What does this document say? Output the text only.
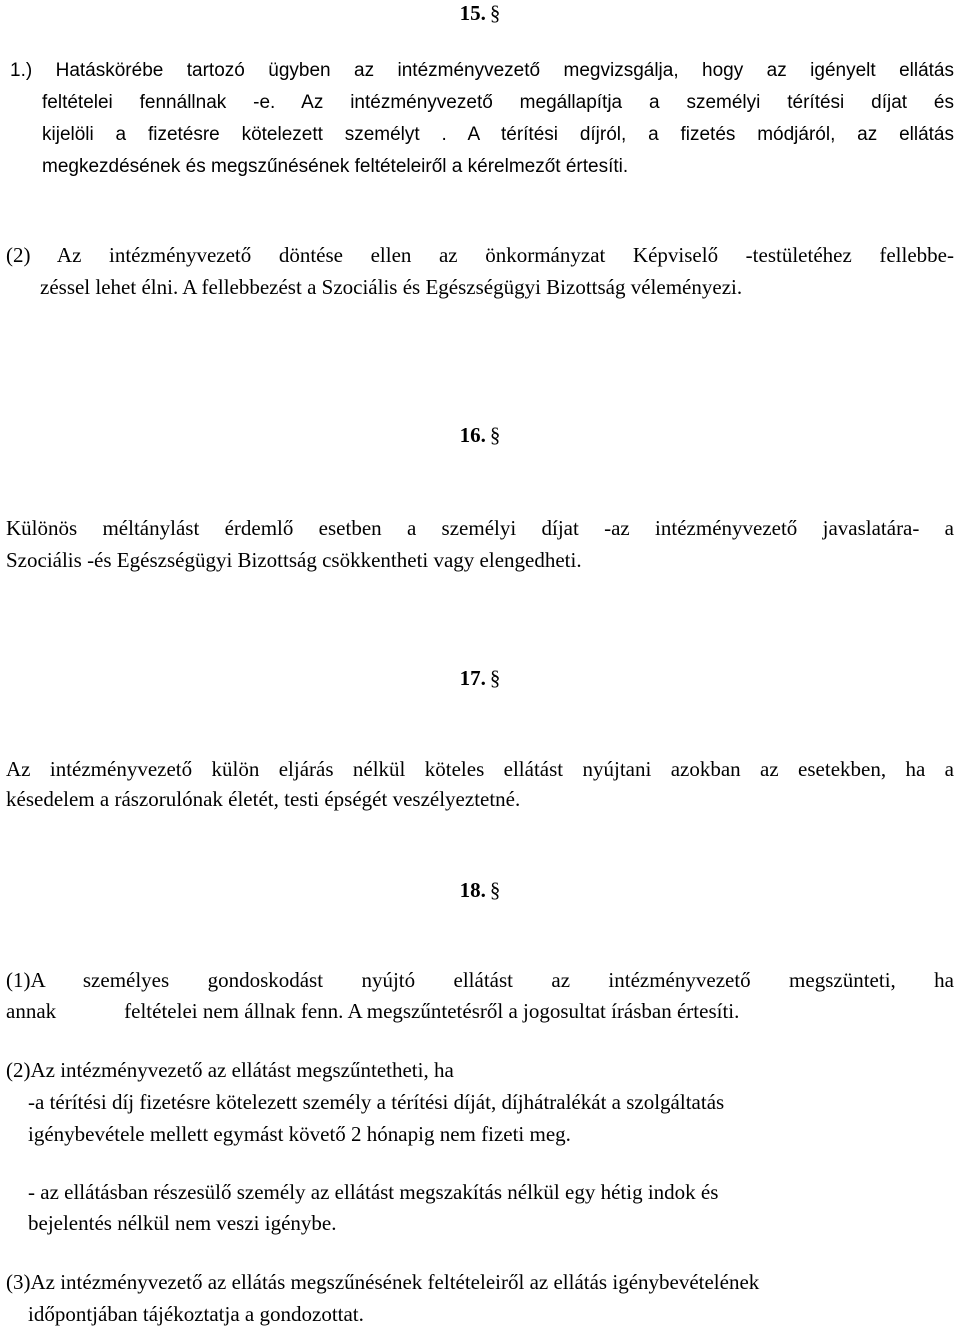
15. §
1.) Hatáskörébe tartozó ügyben az intézményvezető megvizsgálja, hogy az igényelt ellátás
feltételei fennállnak -e. Az intézményvezető megállapítja a személyi térítési díjat és
kijelöli a fizetésre kötelezett személyt . A térítési díjról, a fizetés módjáról, az ellátás
megkezdésének és megszűnésének feltételeiről a kérelmezőt értesíti.
(2) Az intézményvezető döntése ellen az önkormányzat Képviselő -testületéhez fellebbe-
zéssel lehet élni. A fellebbezést a Szociális és Egészségügyi Bizottság véleményezi.
16. §
Különös méltánylást érdemlő esetben a személyi díjat -az intézményvezető javaslatára- a
Szociális -és Egészségügyi Bizottság csökkentheti vagy elengedheti.
17. §
Az intézményvezető külön eljárás nélkül köteles ellátást nyújtani azokban az esetekben, ha a
késedelem a rászorulónak életét, testi épségét veszélyeztetné.
18. §
(1)A személyes gondoskodást nyújtó ellátást az intézményvezető megszünteti, ha
annak	feltételei nem állnak fenn. A megszűntetésről a jogosultat írásban értesíti.
(2)Az intézményvezető az ellátást megszűntetheti, ha
-a térítési díj fizetésre kötelezett személy a térítési díját, díjhátralékát a szolgáltatás
igénybevétele mellett egymást követő 2 hónapig nem fizeti meg.
- az ellátásban részesülő személy az ellátást megszakítás nélkül egy hétig indok és
bejelentés nélkül nem veszi igénybe.
(3)Az intézményvezető az ellátás megszűnésének feltételeiről az ellátás igénybevételének
időpontjában tájékoztatja a gondozottat.
